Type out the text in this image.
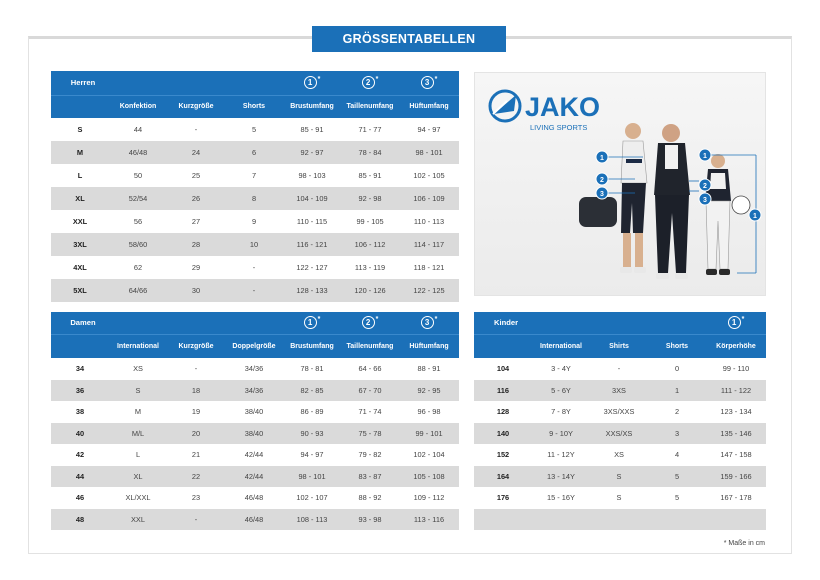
GRÖSSENTABELLEN
Herren				1 *	2 *	3 *
	Konfektion	Kurzgröße	Shorts	Brustumfang	Taillenumfang	Hüftumfang
S	44	-	5	85 - 91	71 - 77	94 - 97
M	46/48	24	6	92 - 97	78 - 84	98 - 101
L	50	25	7	98 - 103	85 - 91	102 - 105
XL	52/54	26	8	104 - 109	92 - 98	106 - 109
XXL	56	27	9	110 - 115	99 - 105	110 - 113
3XL	58/60	28	10	116 - 121	106 - 112	114 - 117
4XL	62	29	-	122 - 127	113 - 119	118 - 121
5XL	64/66	30	-	128 - 133	120 - 126	122 - 125
Damen				1 *	2 *	3 *
	International	Kurzgröße	Doppelgröße	Brustumfang	Taillenumfang	Hüftumfang
34	XS	-	34/36	78 - 81	64 - 66	88 - 91
36	S	18	34/36	82 - 85	67 - 70	92 - 95
38	M	19	38/40	86 - 89	71 - 74	96 - 98
40	M/L	20	38/40	90 - 93	75 - 78	99 - 101
42	L	21	42/44	94 - 97	79 - 82	102 - 104
44	XL	22	42/44	98 - 101	83 - 87	105 - 108
46	XL/XXL	23	46/48	102 - 107	88 - 92	109 - 112
48	XXL	-	46/48	108 - 113	93 - 98	113 - 116
Kinder				1 *
	International	Shirts	Shorts	Körperhöhe
104	3 - 4Y	-	0	99 - 110
116	5 - 6Y	3XS	1	111 - 122
128	7 - 8Y	3XS/XXS	2	123 - 134
140	9 - 10Y	XXS/XS	3	135 - 146
152	11 - 12Y	XS	4	147 - 158
164	13 - 14Y	S	5	159 - 166
176	15 - 16Y	S	5	167 - 178

JAKO
LIVING SPORTS
1
2
3
1
2
3
1
* Maße in cm
